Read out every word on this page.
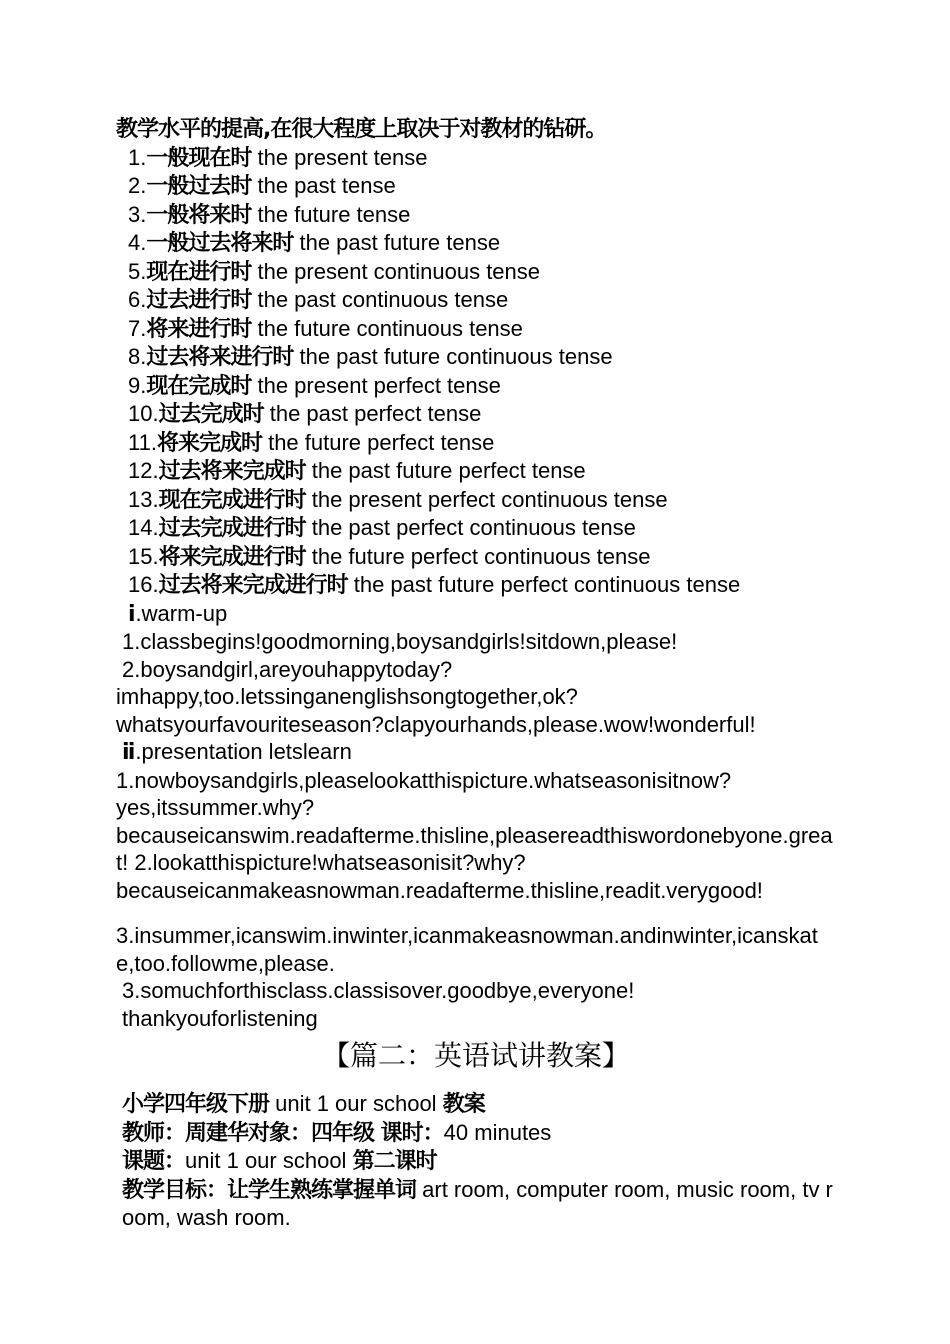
教学水平的提高,在很大程度上取决于对教材的钻研。
1.一般现在时 the present tense
2.一般过去时 the past tense
3.一般将来时 the future tense
4.一般过去将来时 the past future tense
5.现在进行时 the present continuous tense
6.过去进行时 the past continuous tense
7.将来进行时 the future continuous tense
8.过去将来进行时 the past future continuous tense
9.现在完成时 the present perfect tense
10.过去完成时 the past perfect tense
11.将来完成时 the future perfect tense
12.过去将来完成时 the past future perfect tense
13.现在完成进行时 the present perfect continuous tense
14.过去完成进行时 the past perfect continuous tense
15.将来完成进行时 the future perfect continuous tense
16.过去将来完成进行时 the past future perfect continuous tense
ⅰ.warm-up
1.classbegins!goodmorning,boysandgirls!sitdown,please!
2.boysandgirl,areyouhappytoday?
imhappy,too.letssinganenglishsongtogether,ok?
whatsyourfavouriteseason?clapyourhands,please.wow!wonderful!
ⅱ.presentation letslearn
1.nowboysandgirls,pleaselookatthispicture.whatseasonisitnow?
yes,itssummer.why?
becauseicanswim.readafterme.thisline,pleasereadthiswordonebyone.great! 2.lookatthispicture!whatseasonisit?why?
becauseicanmakeasnowman.readafterme.thisline,readit.verygood!
3.insummer,icanswim.inwinter,icanmakeasnowman.andinwinter,icanskate,too.followme,please.
3.somuchforthisclass.classisover.goodbye,everyone!
thankyouforlistening
【篇二：英语试讲教案】
小学四年级下册 unit 1 our school 教案
教师：周建华对象：四年级 课时：40 minutes
课题：unit 1 our school 第二课时
教学目标：让学生熟练掌握单词 art room, computer room, music room, tv room, wash room.
